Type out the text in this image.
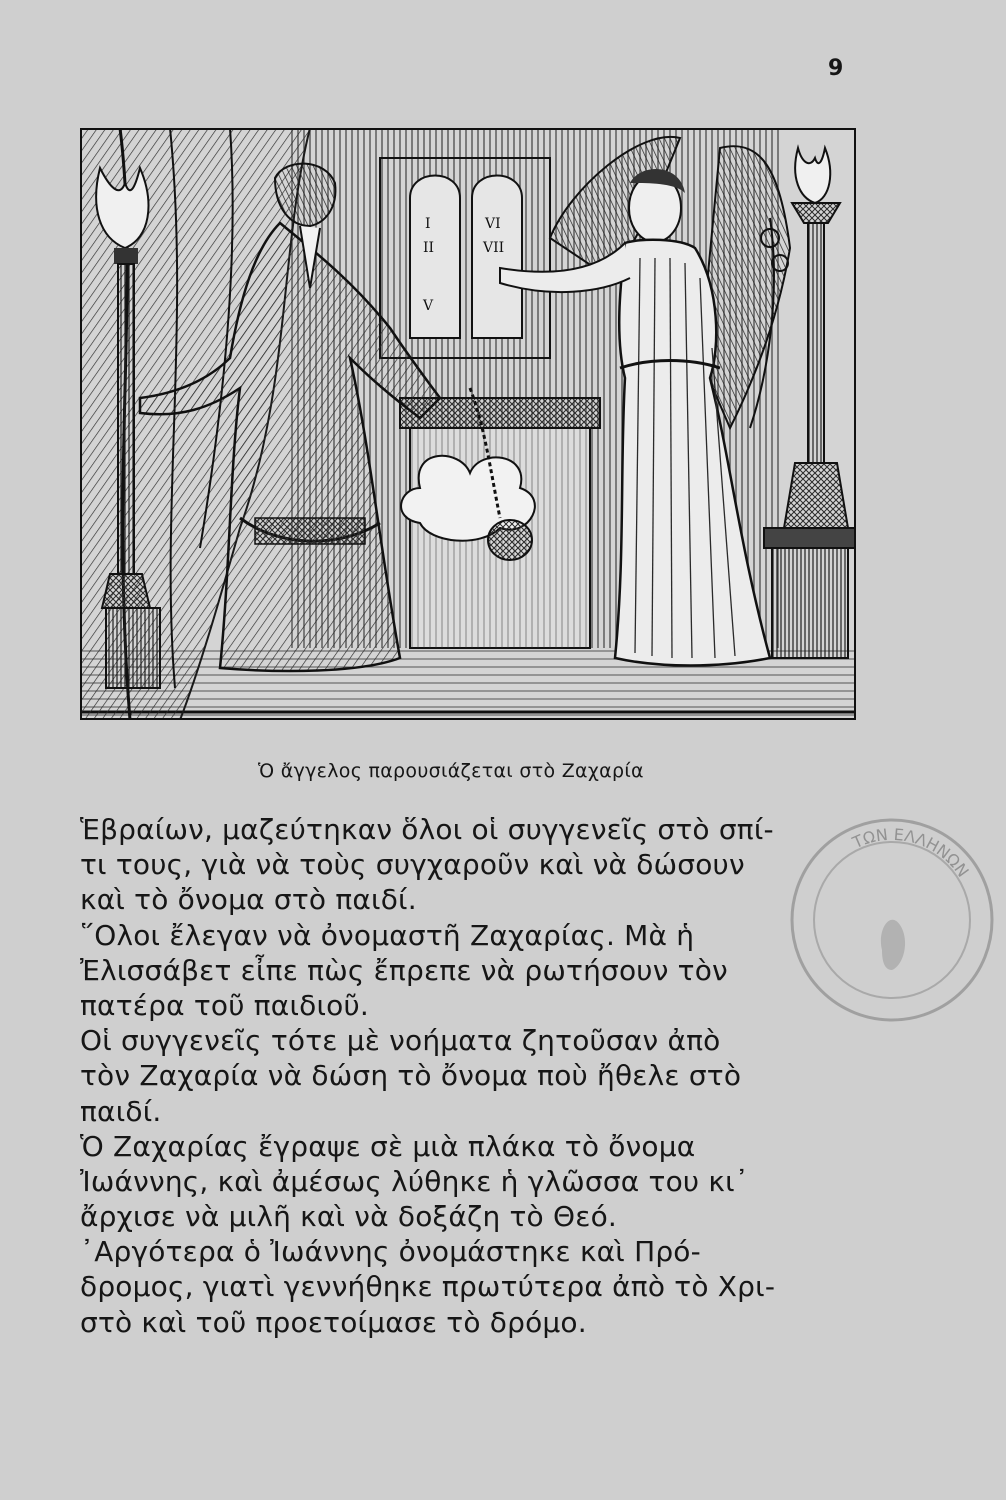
9
I
II
V
VI
VII
Ὁ ἄγγελος παρουσιάζεται στὸ Ζαχαρία
Ἑβραίων, μαζεύτηκαν ὅλοι οἱ συγγενεῖς στὸ σπί-
τι τους, γιὰ νὰ τοὺς συγχαροῦν καὶ νὰ δώσουν
καὶ τὸ ὄνομα στὸ παιδί.
῞Ολοι ἔλεγαν νὰ ὀνομαστῆ Ζαχαρίας. Μὰ ἡ
Ἐλισσάβετ εἶπε πὼς ἔπρεπε νὰ ρωτήσουν τὸν
πατέρα τοῦ παιδιοῦ.
Οἱ συγγενεῖς τότε μὲ νοήματα ζητοῦσαν ἀπὸ
τὸν Ζαχαρία νὰ δώση τὸ ὄνομα ποὺ ἤθελε στὸ
παιδί.
Ὁ Ζαχαρίας ἔγραψε σὲ μιὰ πλάκα τὸ ὄνομα
Ἰωάννης, καὶ ἀμέσως λύθηκε ἡ γλῶσσα του κι᾿
ἄρχισε νὰ μιλῆ καὶ νὰ δοξάζη τὸ Θεό.
᾿Αργότερα ὁ Ἰωάννης ὀνομάστηκε καὶ Πρό-
δρομος, γιατὶ γεννήθηκε πρωτύτερα ἀπὸ τὸ Χρι-
στὸ καὶ τοῦ προετοίμασε τὸ δρόμο.
ΤΩΝ ΕΛΛΗΝΩΝ
